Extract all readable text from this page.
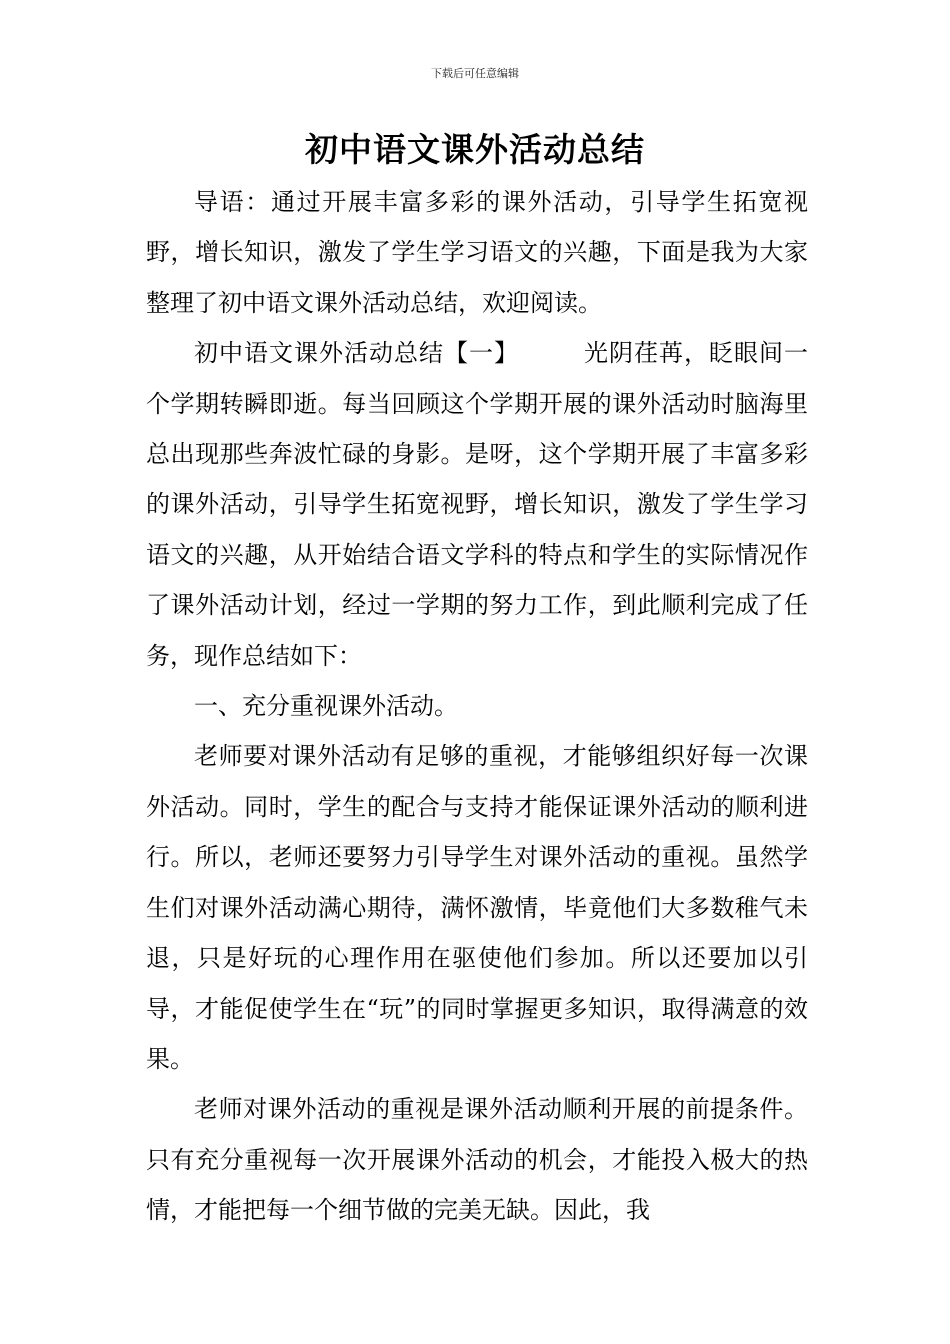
下载后可任意编辑
初中语文课外活动总结

导语：通过开展丰富多彩的课外活动，引导学生拓宽视野，增长知识，激发了学生学习语文的兴趣，下面是我为大家整理了初中语文课外活动总结，欢迎阅读。

初中语文课外活动总结【一】	光阴荏苒，眨眼间一个学期转瞬即逝。每当回顾这个学期开展的课外活动时脑海里总出现那些奔波忙碌的身影。是呀，这个学期开展了丰富多彩的课外活动，引导学生拓宽视野，增长知识，激发了学生学习语文的兴趣，从开始结合语文学科的特点和学生的实际情况作了课外活动计划，经过一学期的努力工作，到此顺利完成了任务，现作总结如下：

一、充分重视课外活动。

老师要对课外活动有足够的重视，才能够组织好每一次课外活动。同时，学生的配合与支持才能保证课外活动的顺利进行。所以，老师还要努力引导学生对课外活动的重视。虽然学生们对课外活动满心期待，满怀激情，毕竟他们大多数稚气未退，只是好玩的心理作用在驱使他们参加。所以还要加以引导，才能促使学生在“玩”的同时掌握更多知识，取得满意的效果。

老师对课外活动的重视是课外活动顺利开展的前提条件。只有充分重视每一次开展课外活动的机会，才能投入极大的热情，才能把每一个细节做的完美无缺。因此，我
